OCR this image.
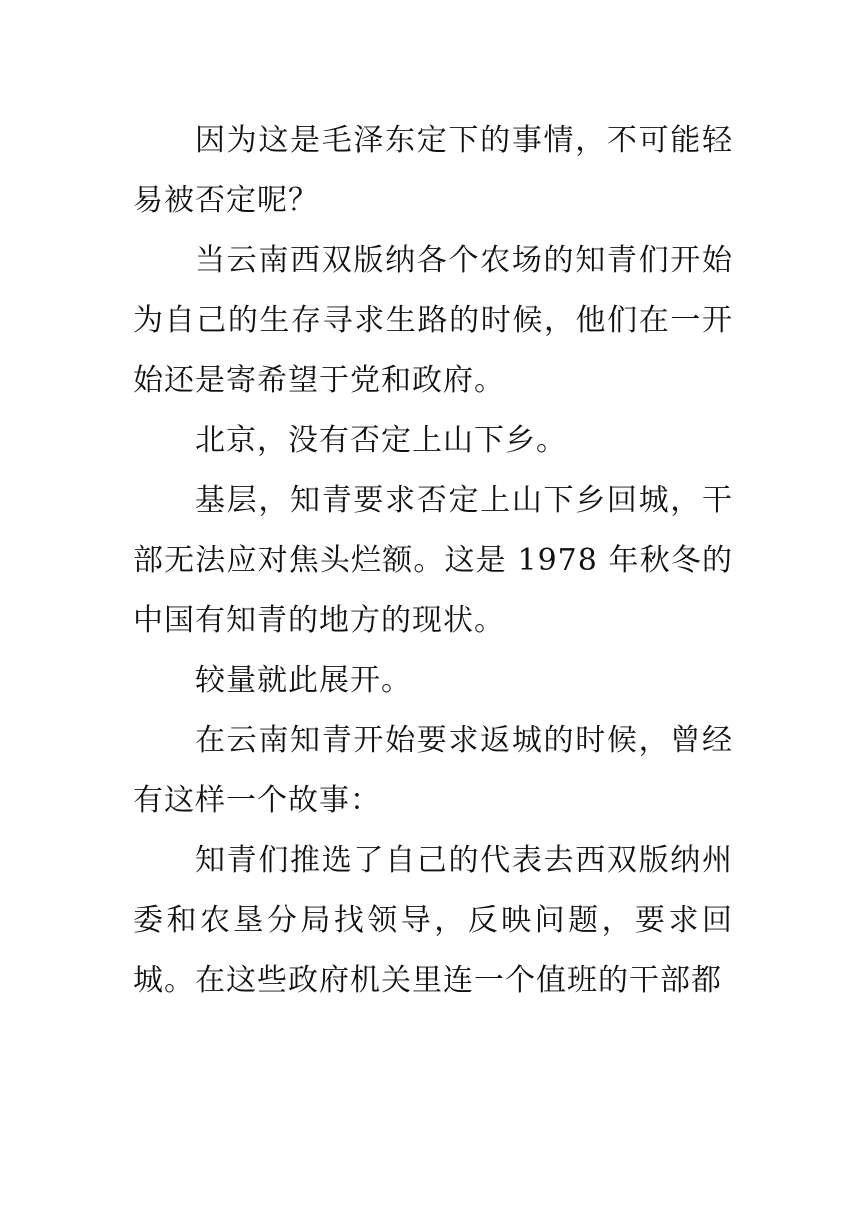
因为这是毛泽东定下的事情，不可能轻易被否定呢？

当云南西双版纳各个农场的知青们开始为自己的生存寻求生路的时候，他们在一开始还是寄希望于党和政府。

北京，没有否定上山下乡。

基层，知青要求否定上山下乡回城，干部无法应对焦头烂额。这是 1978 年秋冬的中国有知青的地方的现状。

较量就此展开。

在云南知青开始要求返城的时候，曾经有这样一个故事：

知青们推选了自己的代表去西双版纳州委和农垦分局找领导，反映问题，要求回城。在这些政府机关里连一个值班的干部都
